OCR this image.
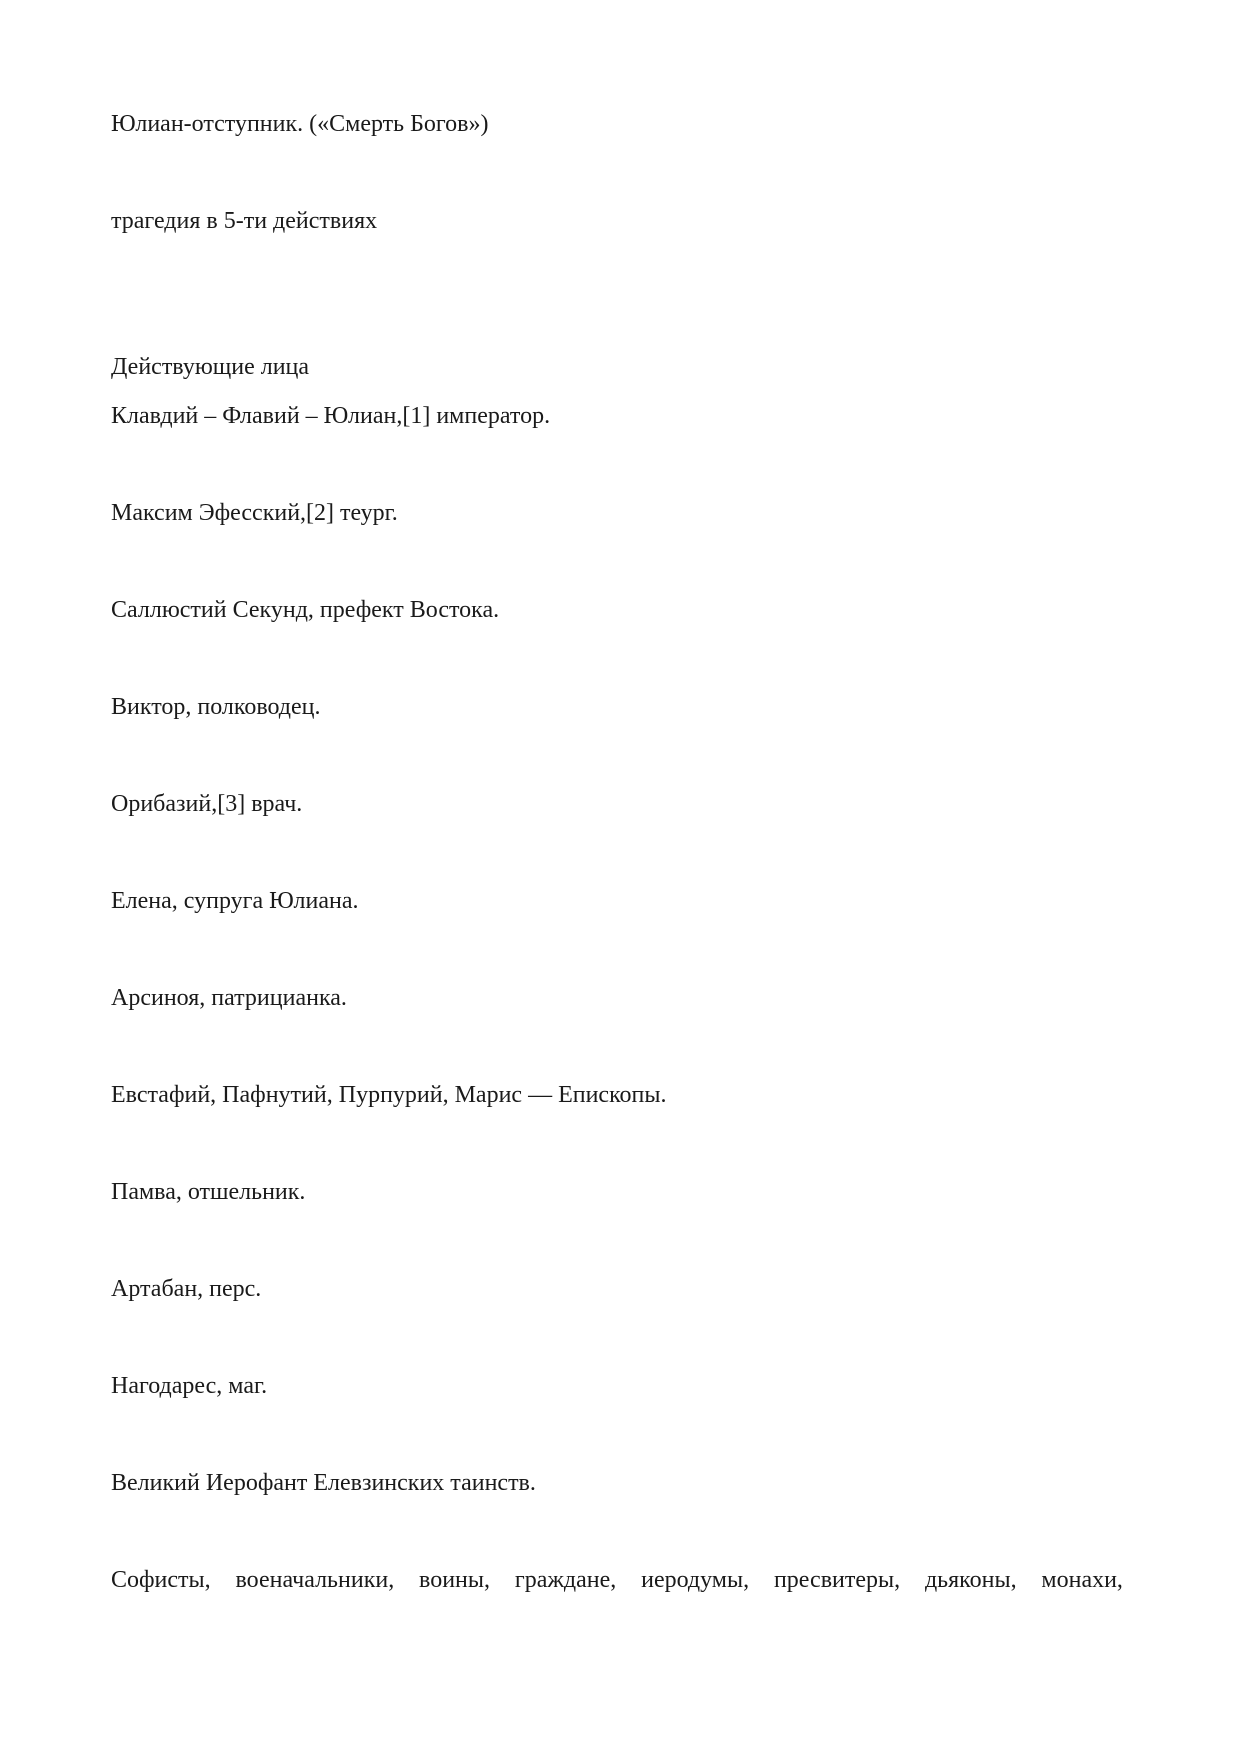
Юлиан-отступник. («Смерть Богов»)

трагедия в 5-ти действиях

Действующие лица

Клавдий – Флавий – Юлиан,[1] император.

Максим Эфесский,[2] теург.

Саллюстий Секунд, префект Востока.

Виктор, полководец.

Орибазий,[3] врач.

Елена, супруга Юлиана.

Арсиноя, патрицианка.

Евстафий, Пафнутий, Пурпурий, Марис — Епископы.

Памва, отшельник.

Артабан, перс.

Нагодарес, маг.

Великий Иерофант Елевзинских таинств.

Софисты, военачальники, воины, граждане, иеродумы, пресвитеры, дьяконы, монахи,
